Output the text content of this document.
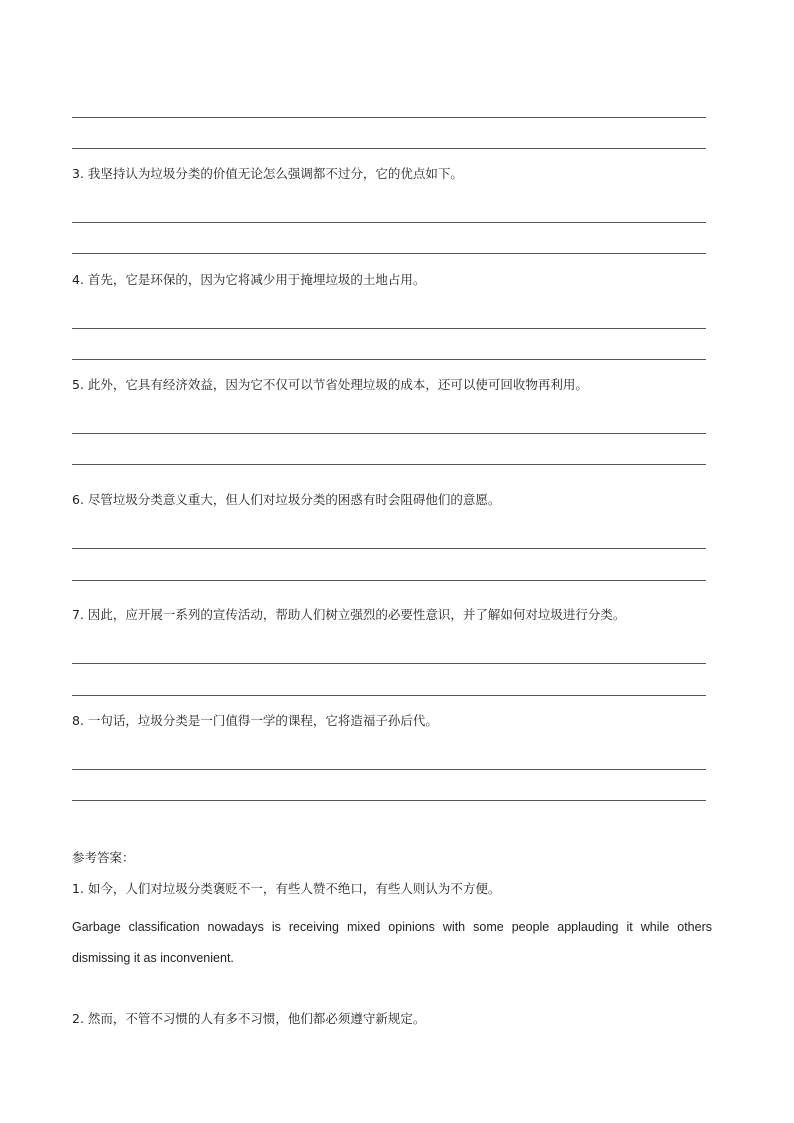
3. 我坚持认为垃圾分类的价值无论怎么强调都不过分，它的优点如下。
4. 首先，它是环保的，因为它将减少用于掩埋垃圾的土地占用。
5. 此外，它具有经济效益，因为它不仅可以节省处理垃圾的成本，还可以使可回收物再利用。
6. 尽管垃圾分类意义重大，但人们对垃圾分类的困惑有时会阻碍他们的意愿。
7. 因此，应开展一系列的宣传活动，帮助人们树立强烈的必要性意识，并了解如何对垃圾进行分类。
8. 一句话，垃圾分类是一门值得一学的课程，它将造福子孙后代。
参考答案：
1. 如今，人们对垃圾分类褒贬不一，有些人赞不绝口，有些人则认为不方便。
Garbage classification nowadays is receiving mixed opinions with some people applauding it while others dismissing it as inconvenient.
2. 然而，不管不习惯的人有多不习惯，他们都必须遵守新规定。
